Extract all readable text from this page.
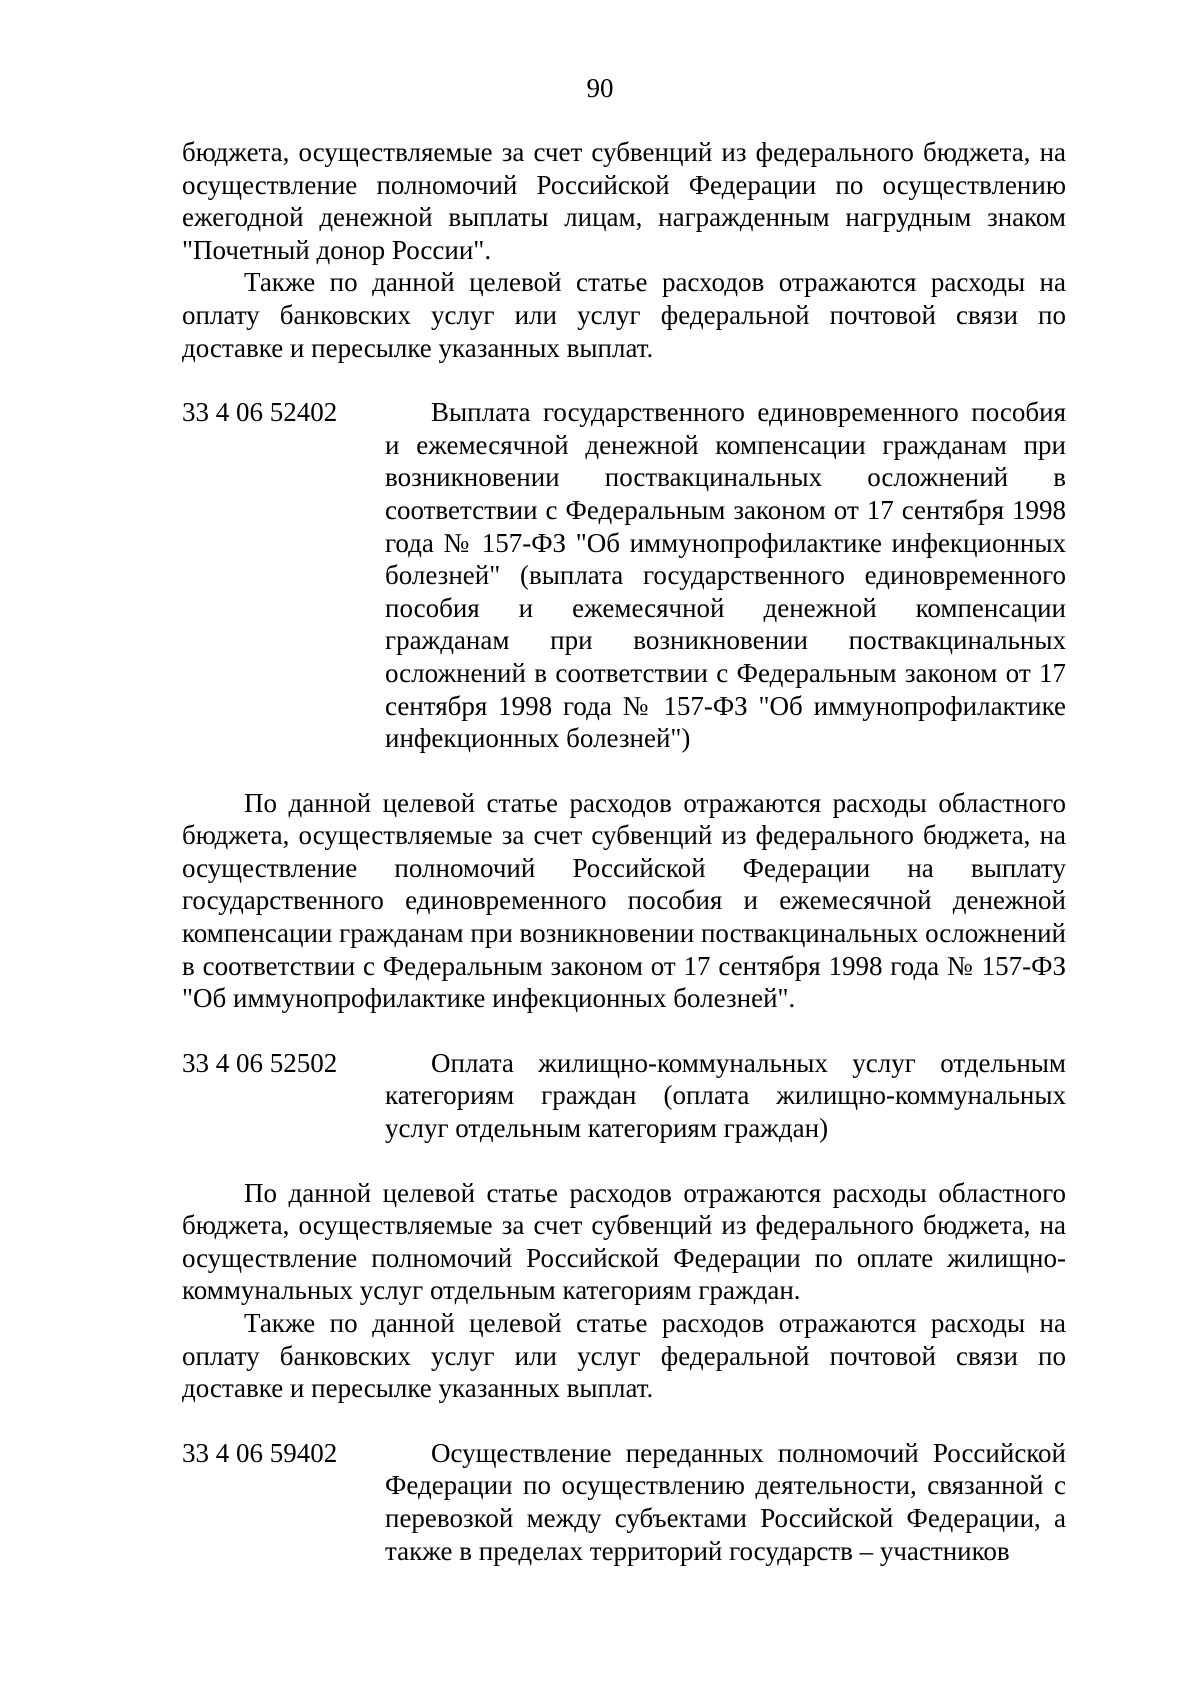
90

бюджета, осуществляемые за счет субвенций из федерального бюджета, на осуществление полномочий Российской Федерации по осуществлению ежегодной денежной выплаты лицам, награжденным нагрудным знаком "Почетный донор России".

Также по данной целевой статье расходов отражаются расходы на оплату банковских услуг или услуг федеральной почтовой связи по доставке и пересылке указанных выплат.

33 4 06 52402	Выплата государственного единовременного пособия и ежемесячной денежной компенсации гражданам при возникновении поствакцинальных осложнений в соответствии с Федеральным законом от 17 сентября 1998 года № 157-ФЗ "Об иммунопрофилактике инфекционных болезней" (выплата государственного единовременного пособия и ежемесячной денежной компенсации гражданам при возникновении поствакцинальных осложнений в соответствии с Федеральным законом от 17 сентября 1998 года № 157-ФЗ "Об иммунопрофилактике инфекционных болезней")

По данной целевой статье расходов отражаются расходы областного бюджета, осуществляемые за счет субвенций из федерального бюджета, на осуществление полномочий Российской Федерации на выплату государственного единовременного пособия и ежемесячной денежной компенсации гражданам при возникновении поствакцинальных осложнений в соответствии с Федеральным законом от 17 сентября 1998 года № 157-ФЗ "Об иммунопрофилактике инфекционных болезней".

33 4 06 52502	Оплата жилищно-коммунальных услуг отдельным категориям граждан (оплата жилищно-коммунальных услуг отдельным категориям граждан)

По данной целевой статье расходов отражаются расходы областного бюджета, осуществляемые за счет субвенций из федерального бюджета, на осуществление полномочий Российской Федерации по оплате жилищно-коммунальных услуг отдельным категориям граждан.

Также по данной целевой статье расходов отражаются расходы на оплату банковских услуг или услуг федеральной почтовой связи по доставке и пересылке указанных выплат.

33 4 06 59402	Осуществление переданных полномочий Российской Федерации по осуществлению деятельности, связанной с перевозкой между субъектами Российской Федерации, а также в пределах территорий государств – участников
